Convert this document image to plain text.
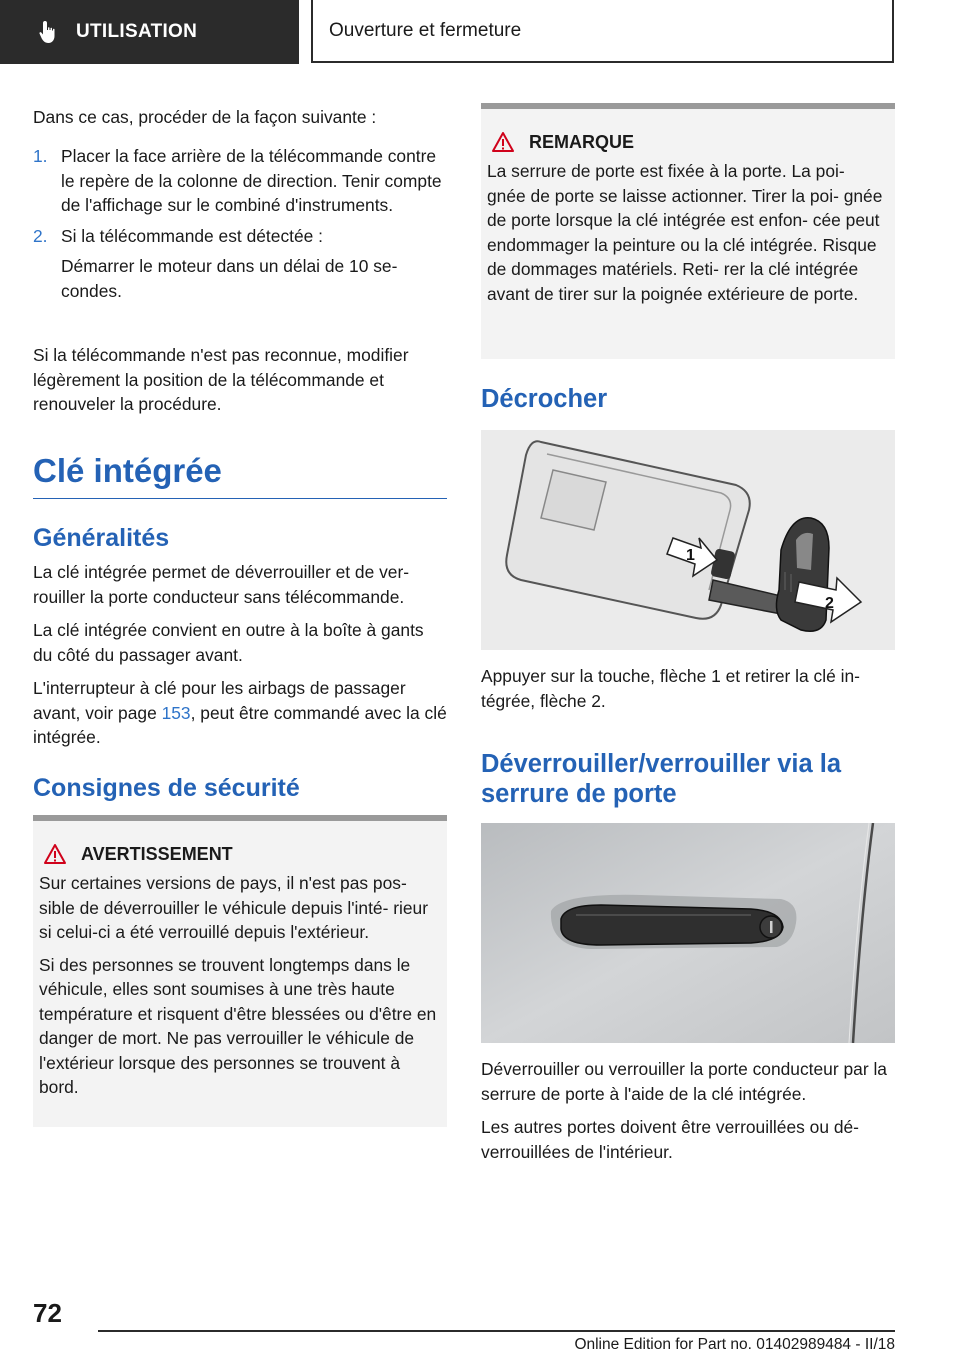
UTILISATION	Ouverture et fermeture

Dans ce cas, procéder de la façon suivante :

1. Placer la face arrière de la télécommande contre le repère de la colonne de direction. Tenir compte de l'affichage sur le combiné d'instruments.
2. Si la télécommande est détectée :
Démarrer le moteur dans un délai de 10 se‐ condes.

Si la télécommande n'est pas reconnue, modifier légèrement la position de la télécommande et renouveler la procédure.

Clé intégrée
Généralités

La clé intégrée permet de déverrouiller et de ver‐ rouiller la porte conducteur sans télécommande.

La clé intégrée convient en outre à la boîte à gants du côté du passager avant.

L'interrupteur à clé pour les airbags de passager avant, voir page 153, peut être commandé avec la clé intégrée.

Consignes de sécurité
AVERTISSEMENT

Sur certaines versions de pays, il n'est pas pos‐ sible de déverrouiller le véhicule depuis l'inté‐ rieur si celui-ci a été verrouillé depuis l'extérieur.

Si des personnes se trouvent longtemps dans le véhicule, elles sont soumises à une très haute température et risquent d'être blessées ou d'être en danger de mort. Ne pas verrouiller le véhicule de l'extérieur lorsque des personnes se trouvent à bord.

REMARQUE

La serrure de porte est fixée à la porte. La poi‐ gnée de porte se laisse actionner. Tirer la poi‐ gnée de porte lorsque la clé intégrée est enfon‐ cée peut endommager la peinture ou la clé intégrée. Risque de dommages matériels. Reti‐ rer la clé intégrée avant de tirer sur la poignée extérieure de porte.

Décrocher
1
2

Appuyer sur la touche, flèche 1 et retirer la clé in‐ tégrée, flèche 2.

Déverrouiller/verrouiller via la serrure de porte

Déverrouiller ou verrouiller la porte conducteur par la serrure de porte à l'aide de la clé intégrée.

Les autres portes doivent être verrouillées ou dé‐ verrouillées de l'intérieur.

72
Online Edition for Part no. 01402989484 - II/18
